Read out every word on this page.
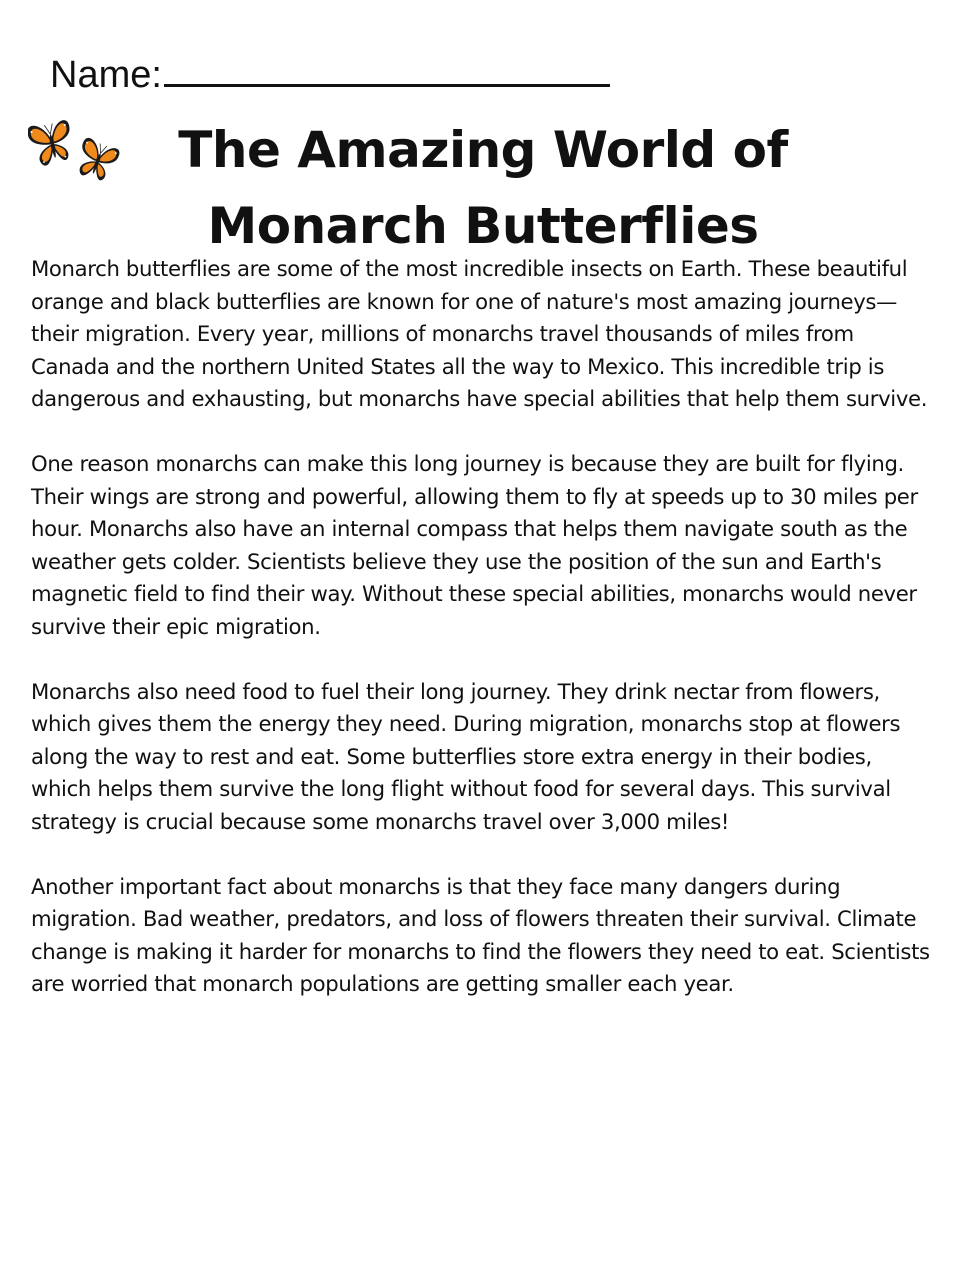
Name:
The Amazing World of
Monarch Butterflies

Monarch butterflies are some of the most incredible insects on Earth. These beautiful orange and black butterflies are known for one of nature's most amazing journeys—their migration. Every year, millions of monarchs travel thousands of miles from Canada and the northern United States all the way to Mexico. This incredible trip is dangerous and exhausting, but monarchs have special abilities that help them survive.

One reason monarchs can make this long journey is because they are built for flying. Their wings are strong and powerful, allowing them to fly at speeds up to 30 miles per hour. Monarchs also have an internal compass that helps them navigate south as the weather gets colder. Scientists believe they use the position of the sun and Earth's magnetic field to find their way. Without these special abilities, monarchs would never survive their epic migration.

Monarchs also need food to fuel their long journey. They drink nectar from flowers, which gives them the energy they need. During migration, monarchs stop at flowers along the way to rest and eat. Some butterflies store extra energy in their bodies, which helps them survive the long flight without food for several days. This survival strategy is crucial because some monarchs travel over 3,000 miles!

Another important fact about monarchs is that they face many dangers during migration. Bad weather, predators, and loss of flowers threaten their survival. Climate change is making it harder for monarchs to find the flowers they need to eat. Scientists are worried that monarch populations are getting smaller each year.
